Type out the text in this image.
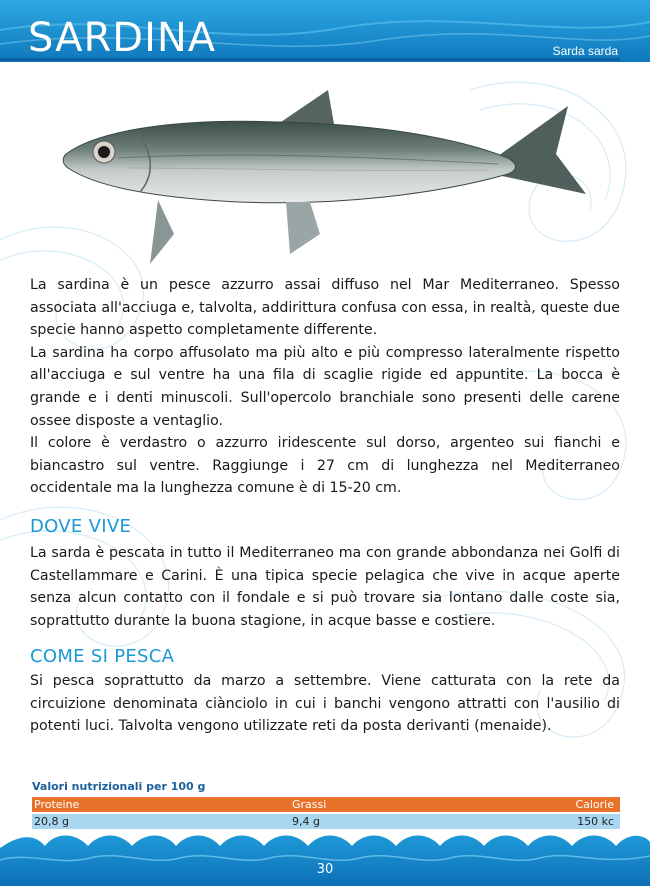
SARDINA	Sarda sarda

La sardina è un pesce azzurro assai diffuso nel Mar Mediterraneo. Spesso associata all'acciuga e, talvolta, addirittura confusa con essa, in realtà, queste due specie hanno aspetto completamente differente.

La sardina ha corpo affusolato ma più alto e più compresso lateralmente rispetto all'acciuga e sul ventre ha una fila di scaglie rigide ed appuntite. La bocca è grande e i denti minuscoli. Sull'opercolo branchiale sono presenti delle carene ossee disposte a ventaglio.

Il colore è verdastro o azzurro iridescente sul dorso, argenteo sui fianchi e biancastro sul ventre. Raggiunge i 27 cm di lunghezza nel Mediterraneo occidentale ma la lunghezza comune è di 15-20 cm.

DOVE VIVE

La sarda è pescata in tutto il Mediterraneo ma con grande abbondanza nei Golfi di Castellammare e Carini. È una tipica specie pelagica che vive in acque aperte senza alcun contatto con il fondale e si può trovare sia lontano dalle coste sia, soprattutto durante la buona stagione, in acque basse e costiere.

COME SI PESCA

Si pesca soprattutto da marzo a settembre. Viene catturata con la rete da circuizione denominata ciànciolo in cui i banchi vengono attratti con l'ausilio di potenti luci. Talvolta vengono utilizzate reti da posta derivanti (menaide).

Valori nutrizionali per 100 g
Proteine	Grassi	Calorie
20,8 g	9,4 g	150 kc
30
